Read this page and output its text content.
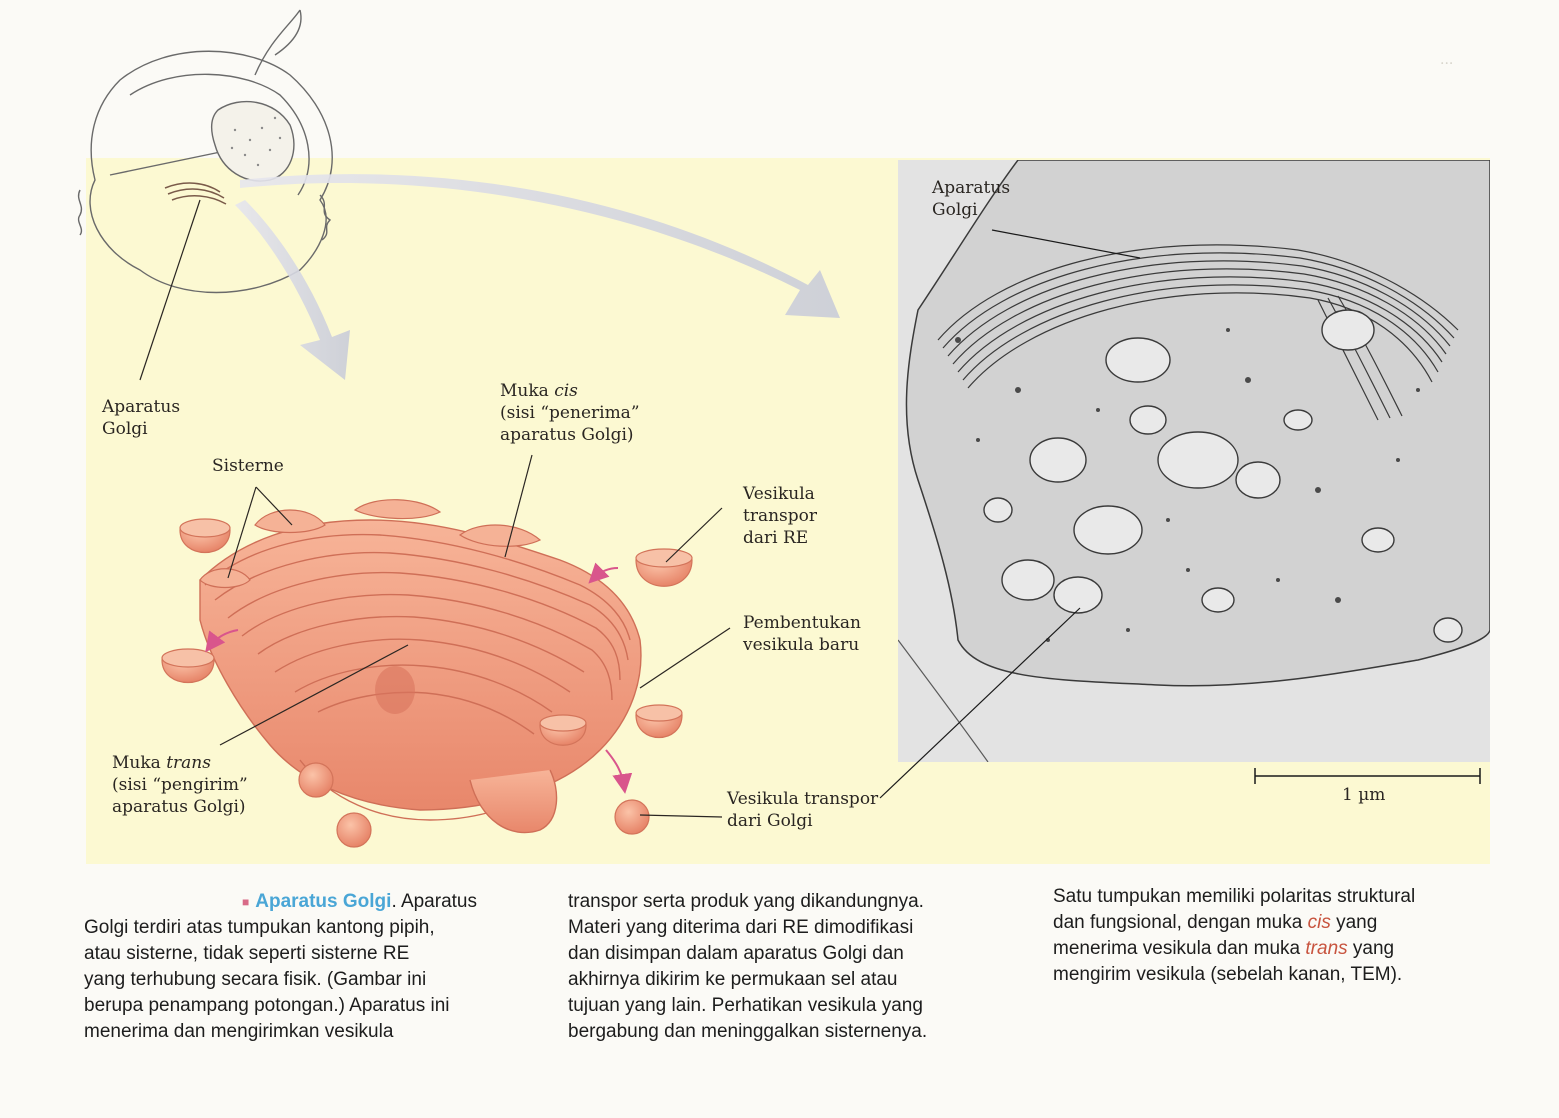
...
Aparatus
Golgi
Sisterne
Muka cis
(sisi “penerima”
aparatus Golgi)
Vesikula
transpor
dari RE
Pembentukan
vesikula baru
Muka trans
(sisi “pengirim”
aparatus Golgi)	Vesikula transpor
dari Golgi
Aparatus
Golgi
1 µm
■ Aparatus Golgi. Aparatus
Golgi terdiri atas tumpukan kantong pipih,
atau sisterne, tidak seperti sisterne RE
yang terhubung secara fisik. (Gambar ini
berupa penampang potongan.) Aparatus ini
menerima dan mengirimkan vesikula
transpor serta produk yang dikandungnya.
Materi yang diterima dari RE dimodifikasi
dan disimpan dalam aparatus Golgi dan
akhirnya dikirim ke permukaan sel atau
tujuan yang lain. Perhatikan vesikula yang
bergabung dan meninggalkan sisternenya.
Satu tumpukan memiliki polaritas struktural
dan fungsional, dengan muka cis yang
menerima vesikula dan muka trans yang
mengirim vesikula (sebelah kanan, TEM).
